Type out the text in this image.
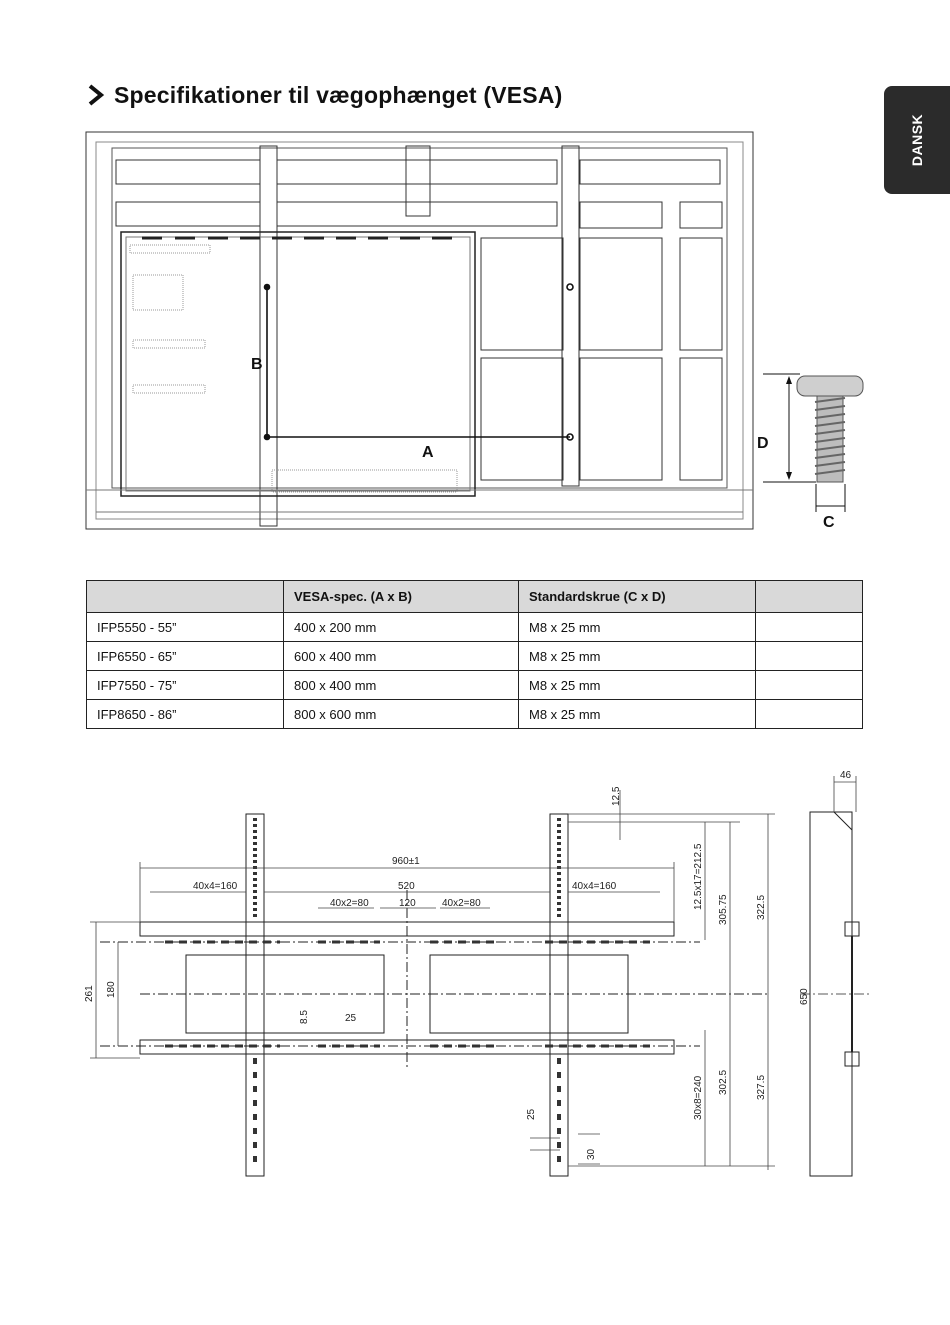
Specifikationer til vægophænget (VESA)
DANSK
B
A
D
C
960±1
40x4=160	40x4=160
520
40x2=80	40x2=80
120
25
261 180
8.5
12.5
12.5x17=212.5 305.75	322.5
650
30x8=240 302.5	327.5
25
30
46
	VESA-spec. (A x B)	Standardskrue (C x D)	
IFP5550 - 55”	400 x 200 mm	M8 x 25 mm	
IFP6550 - 65”	600 x 400 mm	M8 x 25 mm	
IFP7550 - 75”	800 x 400 mm	M8 x 25 mm	
IFP8650 - 86”	800 x 600 mm	M8 x 25 mm	
